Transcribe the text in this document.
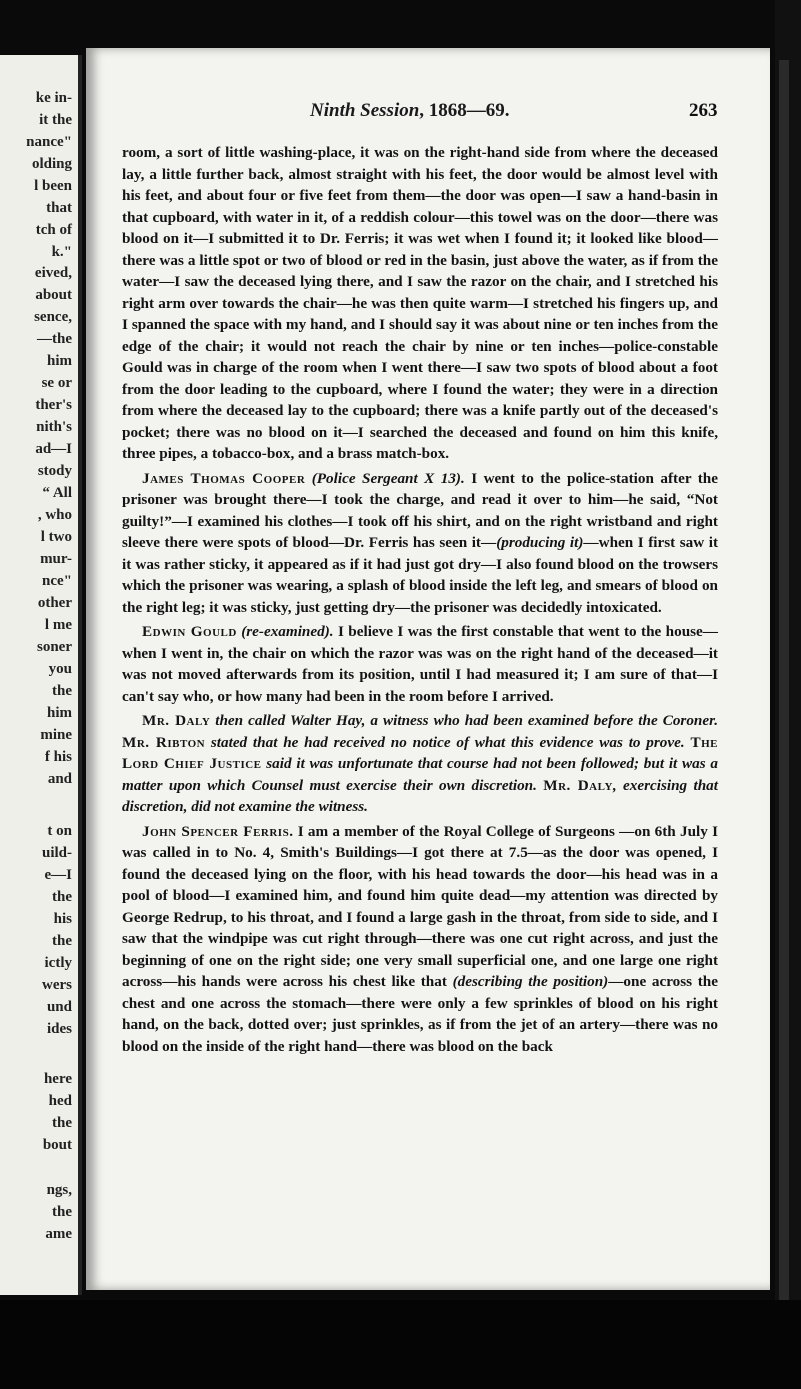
ke in-
it the
nance"
olding
l been
that
tch of
k."
eived,
about
sence,
—the
him
se or
ther's
nith's
ad—I
stody
“ All
, who
l two
mur-
nce"
other
l me
soner
you
the
him
mine
f his
and
t on
uild-
e—I
the
his
the
ictly
wers
und
ides
here
hed
the
bout
ngs,
the
ame
Ninth Session, 1868—69.	263

room, a sort of little washing-place, it was on the right-hand side from where the deceased lay, a little further back, almost straight with his feet, the door would be almost level with his feet, and about four or five feet from them—the door was open—I saw a hand-basin in that cupboard, with water in it, of a reddish colour—this towel was on the door—there was blood on it—I submitted it to Dr. Ferris; it was wet when I found it; it looked like blood—there was a little spot or two of blood or red in the basin, just above the water, as if from the water—I saw the deceased lying there, and I saw the razor on the chair, and I stretched his right arm over towards the chair—he was then quite warm—I stretched his fingers up, and I spanned the space with my hand, and I should say it was about nine or ten inches from the edge of the chair; it would not reach the chair by nine or ten inches—police-constable Gould was in charge of the room when I went there—I saw two spots of blood about a foot from the door leading to the cupboard, where I found the water; they were in a direction from where the deceased lay to the cupboard; there was a knife partly out of the deceased's pocket; there was no blood on it—I searched the deceased and found on him this knife, three pipes, a tobacco-box, and a brass match-box.

James Thomas Cooper (Police Sergeant X 13). I went to the police-station after the prisoner was brought there—I took the charge, and read it over to him—he said, “Not guilty!”—I examined his clothes—I took off his shirt, and on the right wristband and right sleeve there were spots of blood—Dr. Ferris has seen it—(producing it)—when I first saw it it was rather sticky, it appeared as if it had just got dry—I also found blood on the trowsers which the prisoner was wearing, a splash of blood inside the left leg, and smears of blood on the right leg; it was sticky, just getting dry—the prisoner was decidedly intoxicated.

Edwin Gould (re-examined). I believe I was the first constable that went to the house—when I went in, the chair on which the razor was was on the right hand of the deceased—it was not moved afterwards from its position, until I had measured it; I am sure of that—I can't say who, or how many had been in the room before I arrived.

Mr. Daly then called Walter Hay, a witness who had been examined before the Coroner. Mr. Ribton stated that he had received no notice of what this evidence was to prove. The Lord Chief Justice said it was unfortunate that course had not been followed; but it was a matter upon which Counsel must exercise their own discretion. Mr. Daly, exercising that discretion, did not examine the witness.

John Spencer Ferris. I am a member of the Royal College of Surgeons —on 6th July I was called in to No. 4, Smith's Buildings—I got there at 7.5—as the door was opened, I found the deceased lying on the floor, with his head towards the door—his head was in a pool of blood—I examined him, and found him quite dead—my attention was directed by George Redrup, to his throat, and I found a large gash in the throat, from side to side, and I saw that the windpipe was cut right through—there was one cut right across, and just the beginning of one on the right side; one very small superficial one, and one large one right across—his hands were across his chest like that (describing the position)—one across the chest and one across the stomach—there were only a few sprinkles of blood on his right hand, on the back, dotted over; just sprinkles, as if from the jet of an artery—there was no blood on the inside of the right hand—there was blood on the back
